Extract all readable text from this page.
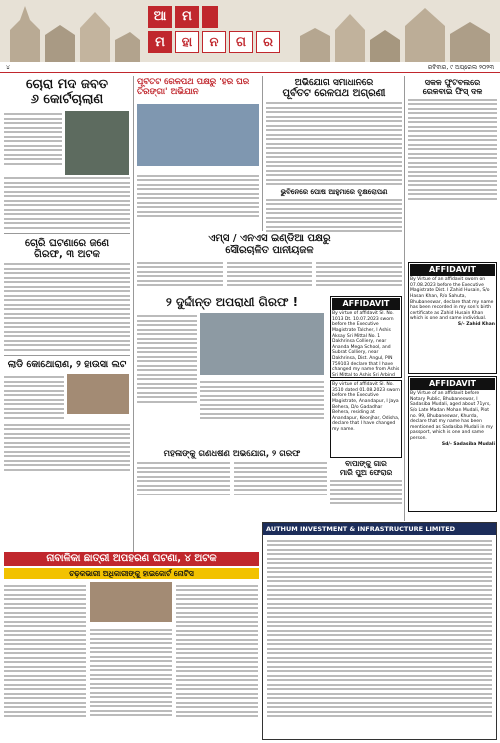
ଆ	ମ
ମ	ହା	ନ	ଗ	ର
୪	ରବିବାର, ୯ ଅପ୍ରେଲ ୨୦୨୩
ଚୋରା ମଦ ଜବତ
୬ କୋର୍ଟଚାଲାଣ
ଚୋରି ଘଟଣାରେ ଜଣେ
ଗିରଫ, ୩ ଅଟକ
ଲାଡି କୋଥୋରାଣ, ୨ ହାଉସା ଲଟ
ପୂର୍ବତଟ ରେଳପଥ ପକ୍ଷରୁ 'ହର ଘର ତିରଙ୍ଗା' ଅଭିଯାନ
ଅଭିଯୋଗ ସମାଧାନରେ
ପୂର୍ବତଟ ରେଳପଥ ଅଗ୍ରଣୀ
ଭୁବିନେରେ ପୋଷ ଆହୁମାରେ ବୃକ୍ଷରୋପଣ
ସକଳ ଫୁଟବଲରେ
ରେଳବାଇ ଫିସ୍ ଦଳ
ଏମ୍ସ / ଏନଏସ ଇଣ୍ଡିଆ ପକ୍ଷରୁ
ସୌରଚାଳିତ ପାନୀୟଜଳ
୨ ଦୁର୍ଦ୍ଦାନ୍ତ ଅପରାଧୀ ଗିରଫ !	AFFIDAVIT
By virtue of affidavit Sl. No. 1013 Dt. 10.07.2023 sworn before the Executive Magistrate Talcher, I Ashis Aksay Sri Mittal No. 1 Dakhrinsa Colliery, near Ananda Mega School, and Subrat Colliery, near Dakhrinsa, Dist. Angul, PIN 759103 declare that I have changed my name from Ashis Sri Mittal to Ashis Sri Arbind
By virtue of affidavit Sl. No. 3510 dated 01.08.2023 sworn before the Executive Magistrate, Anandapur, I Jaya Behera, D/o Gadadhar Behera, residing at Anandapur, Keonjhar, Odisha, declare that I have changed my name.
AFFIDAVIT
By Virtue of an affidavit sworn on 07.08.2023 before the Executive Magistrate Dist. I Zahid Husain, S/o Hasan Khan, R/o Sahuta, Bhubaneswar, declare that my name has been recorded in my son's birth certificate as Zahid Husain Khan which is one and same individual.
S/- Zahid Khan
AFFIDAVIT
By Virtue of an affidavit before Notary Public, Bhubaneswar, I Sadasiba Mudali, aged about 71yrs, S/o Late Madan Mohan Mudali, Plot no. 99, Bhubaneswar, Khurda, declare that my name has been mentioned as Sadasiba Mudali in my passport, which is one and same person.
Sd/- Sadasiba Mudali
ମହିଳାଙ୍କୁ ଗଣଧର୍ଷଣ ଅଭିଯୋଗ, ୨ ଗିରଫ
ବାପାଙ୍କୁ ଗାର
ମାରି ପୁଅ ଫେରାର
AUTHUM INVESTMENT & INFRASTRUCTURE LIMITED
ନାବାଳିକା ଛାତ୍ରୀ ଅପହରଣ ଘଟଣା, ୪ ଅଟକ
ଚଢ଼କଭାରୀ ଅଧିକାରୀଙ୍କୁ ହାଇକୋର୍ଟ ନୋଟିସ
